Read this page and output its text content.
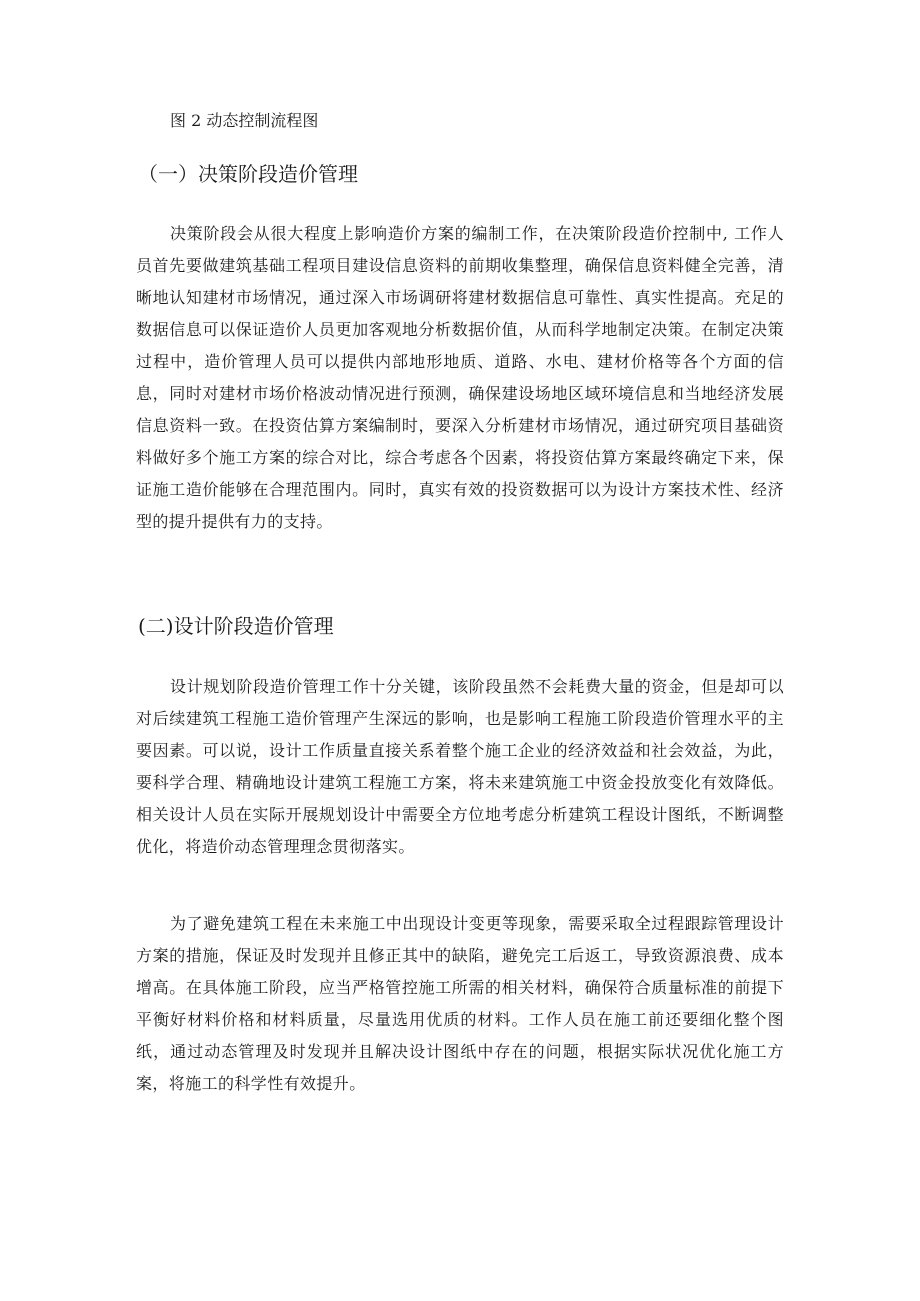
图 2 动态控制流程图
（一）决策阶段造价管理

决策阶段会从很大程度上影响造价方案的编制工作，在决策阶段造价控制中, 工作人员首先要做建筑基础工程项目建设信息资料的前期收集整理，确保信息资料健全完善，清晰地认知建材市场情况，通过深入市场调研将建材数据信息可靠性、真实性提高。充足的数据信息可以保证造价人员更加客观地分析数据价值，从而科学地制定决策。在制定决策过程中，造价管理人员可以提供内部地形地质、道路、水电、建材价格等各个方面的信息，同时对建材市场价格波动情况进行预测，确保建设场地区域环境信息和当地经济发展信息资料一致。在投资估算方案编制时，要深入分析建材市场情况，通过研究项目基础资料做好多个施工方案的综合对比，综合考虑各个因素，将投资估算方案最终确定下来，保证施工造价能够在合理范围内。同时，真实有效的投资数据可以为设计方案技术性、经济型的提升提供有力的支持。

(二)设计阶段造价管理

设计规划阶段造价管理工作十分关键，该阶段虽然不会耗费大量的资金，但是却可以对后续建筑工程施工造价管理产生深远的影响，也是影响工程施工阶段造价管理水平的主要因素。可以说，设计工作质量直接关系着整个施工企业的经济效益和社会效益，为此，要科学合理、精确地设计建筑工程施工方案，将未来建筑施工中资金投放变化有效降低。相关设计人员在实际开展规划设计中需要全方位地考虑分析建筑工程设计图纸，不断调整优化，将造价动态管理理念贯彻落实。

为了避免建筑工程在未来施工中出现设计变更等现象，需要采取全过程跟踪管理设计方案的措施，保证及时发现并且修正其中的缺陷，避免完工后返工，导致资源浪费、成本增高。在具体施工阶段，应当严格管控施工所需的相关材料，确保符合质量标准的前提下平衡好材料价格和材料质量，尽量选用优质的材料。工作人员在施工前还要细化整个图纸，通过动态管理及时发现并且解决设计图纸中存在的问题，根据实际状况优化施工方案，将施工的科学性有效提升。
